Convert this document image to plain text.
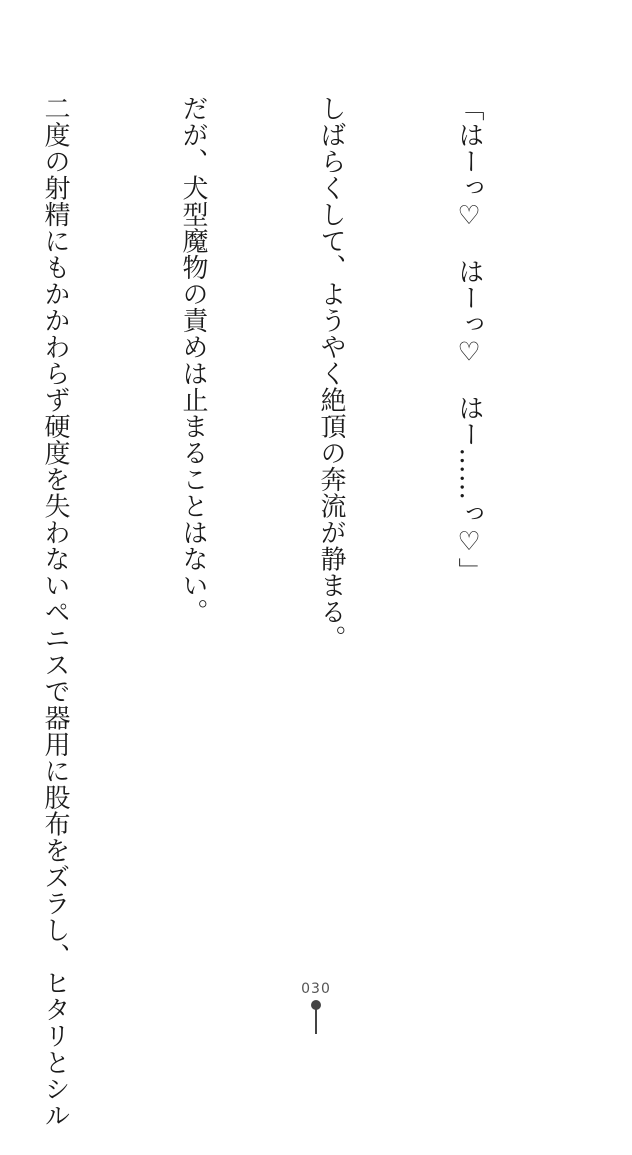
「はーっ♡　はーっ♡　はー……っ♡」

しばらくして、ようやく絶頂の奔流が静まる。

だが、犬型魔物の責めは止まることはない。

二度の射精にもかかわらず硬度を失わないペニスで器用に股布をズラし、ヒタリとシル

	030
